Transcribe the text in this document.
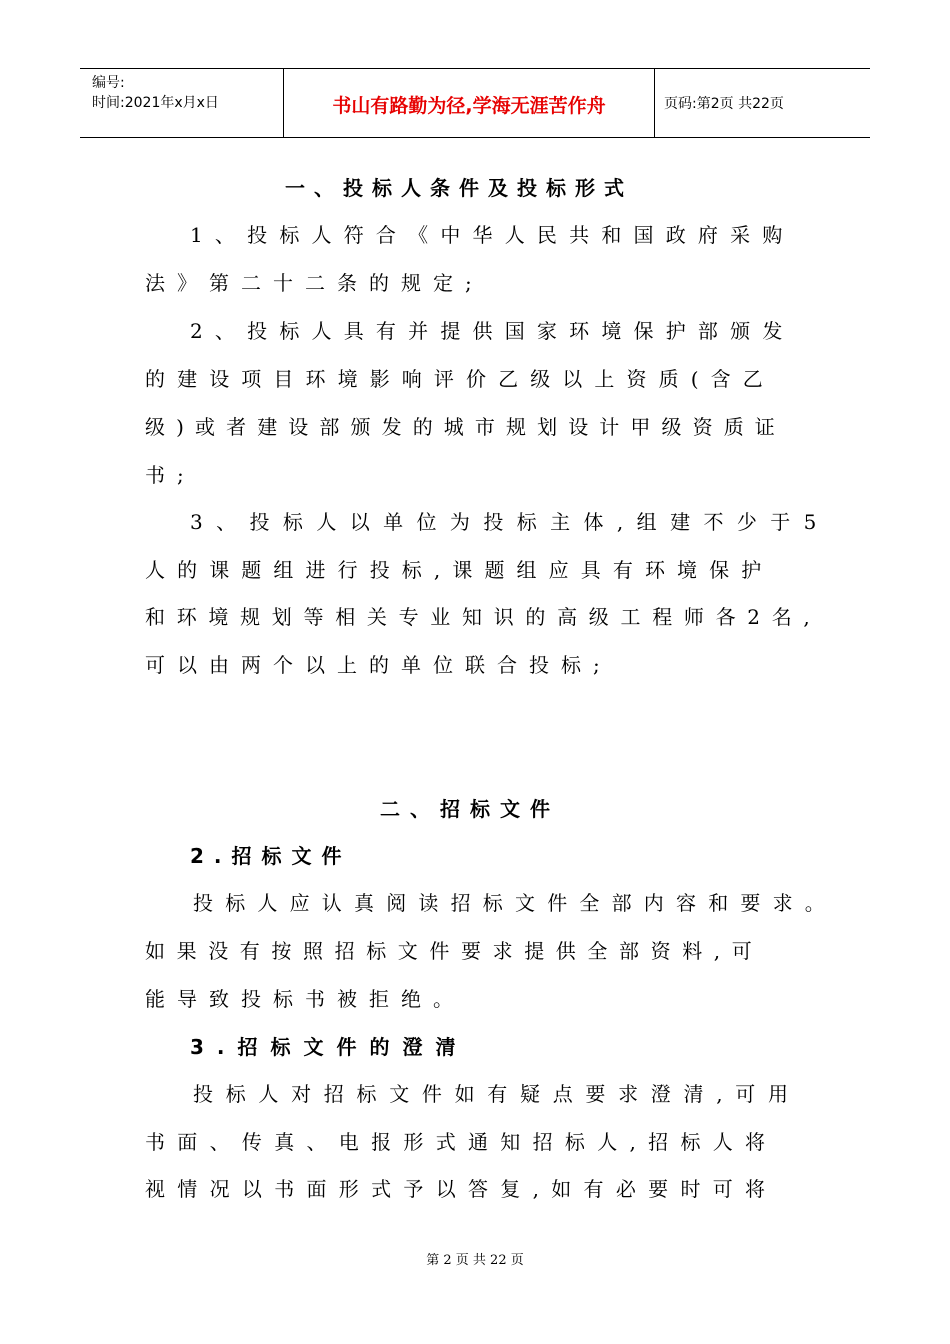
编号:
时间:2021年x月x日	书山有路勤为径,学海无涯苦作舟	页码:第2页 共22页
一、投标人条件及投标形式
1、投标人符合《中华人民共和国政府采购
法》第二十二条的规定;
2、投标人具有并提供国家环境保护部颁发
的建设项目环境影响评价乙级以上资质(含乙
级)或者建设部颁发的城市规划设计甲级资质证
书;
3、投标人以单位为投标主体,组建不少于5
人的课题组进行投标,课题组应具有环境保护
和环境规划等相关专业知识的高级工程师各2名,
可以由两个以上的单位联合投标;
二、招标文件
2.招标文件
投标人应认真阅读招标文件全部内容和要求。
如果没有按照招标文件要求提供全部资料,可
能导致投标书被拒绝。
3.招标文件的澄清
投标人对招标文件如有疑点要求澄清,可用
书面、传真、电报形式通知招标人,招标人将
视情况以书面形式予以答复,如有必要时可将
第 2 页 共 22 页
